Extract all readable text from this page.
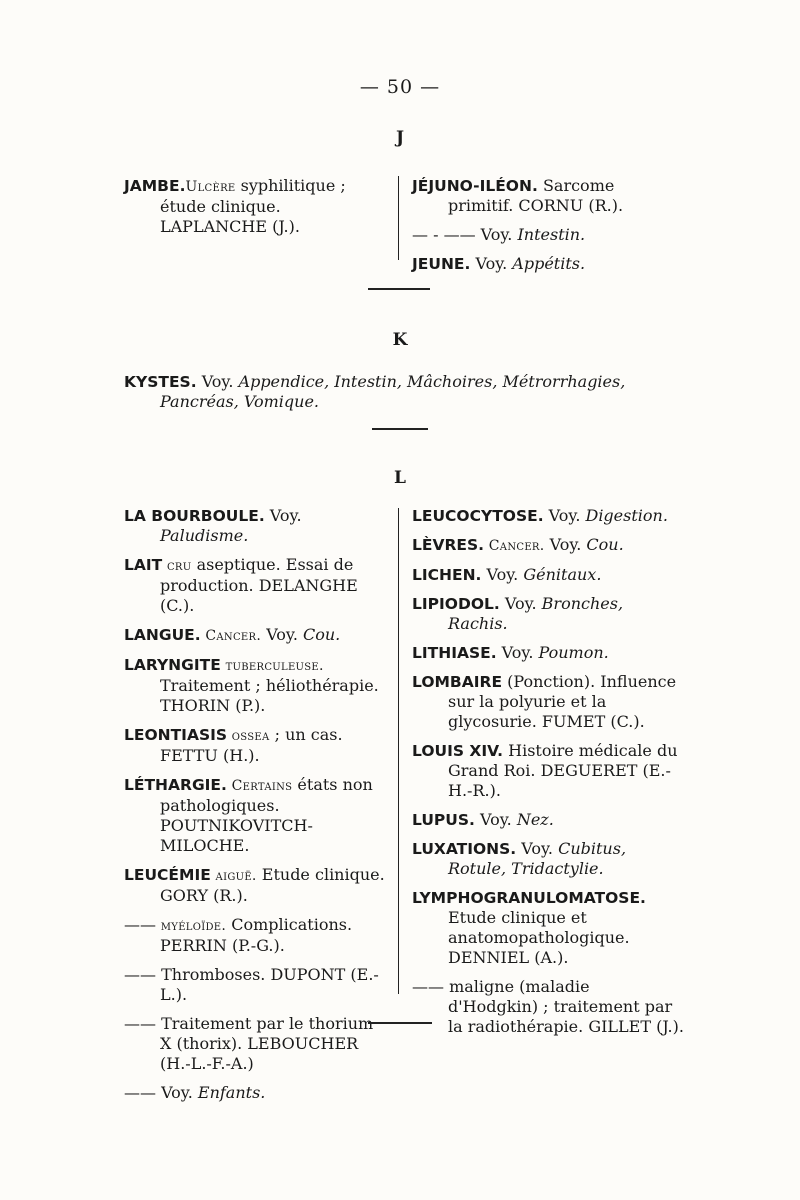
— 50 —
J
JAMBE.Ulcère syphilitique ; étude clinique. LAPLANCHE (J.).
JÉJUNO-ILÉON. Sarcome primitif. CORNU (R.).
— - —— Voy. Intestin.
JEUNE. Voy. Appétits.
K
KYSTES. Voy. Appendice, Intestin, Mâchoires, Métrorrhagies, Pancréas, Vomique.
L
LA BOURBOULE. Voy. Paludisme.
LAIT cru aseptique. Essai de production. DELANGHE (C.).
LANGUE. Cancer. Voy. Cou.
LARYNGITE tuberculeuse. Traitement ; héliothérapie. THORIN (P.).
LEONTIASIS ossea ; un cas. FETTU (H.).
LÉTHARGIE. Certains états non pathologiques. POUTNIKOVITCH-MILOCHE.
LEUCÉMIE aiguë. Etude clinique. GORY (R.).
—— myéloïde. Complications. PERRIN (P.-G.).
—— Thromboses. DUPONT (E.-L.).
—— Traitement par le thorium X (thorix). LEBOUCHER (H.-L.-F.-A.)
—— Voy. Enfants.
LEUCOCYTOSE. Voy. Digestion.
LÈVRES. Cancer. Voy. Cou.
LICHEN. Voy. Génitaux.
LIPIODOL. Voy. Bronches, Rachis.
LITHIASE. Voy. Poumon.
LOMBAIRE (Ponction). Influence sur la polyurie et la glycosurie. FUMET (C.).
LOUIS XIV. Histoire médicale du Grand Roi. DEGUERET (E.-H.-R.).
LUPUS. Voy. Nez.
LUXATIONS. Voy. Cubitus, Rotule, Tridactylie.
LYMPHOGRANULOMATOSE. Etude clinique et anatomopathologique. DENNIEL (A.).
—— maligne (maladie d'Hodgkin) ; traitement par la radiothérapie. GILLET (J.).
